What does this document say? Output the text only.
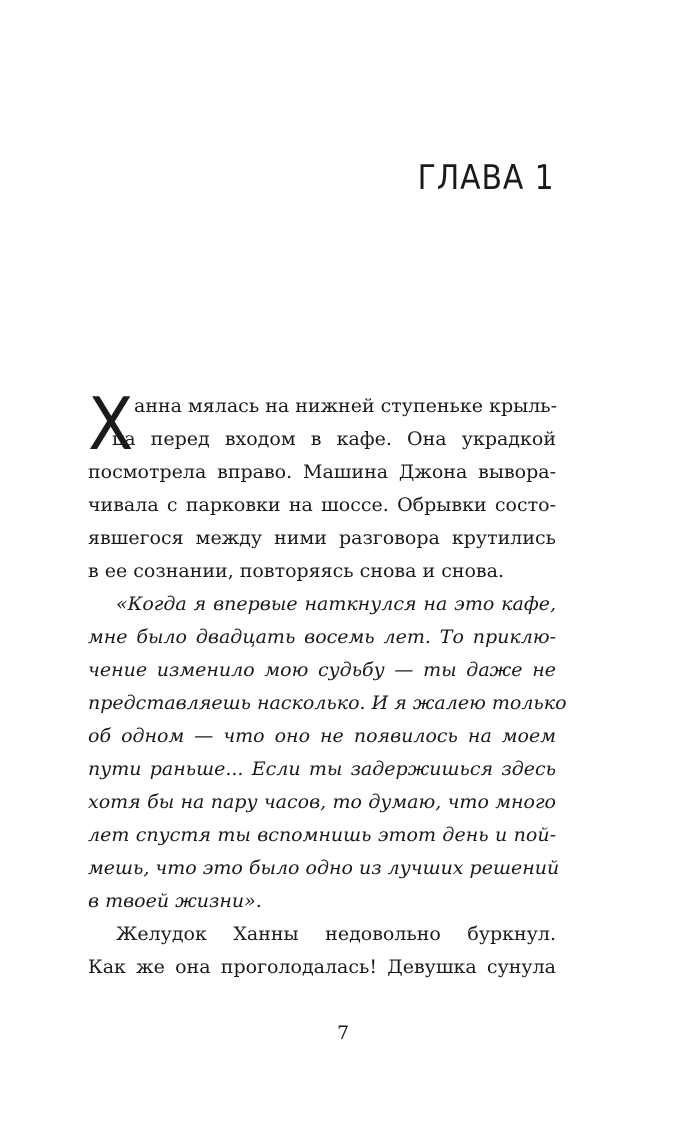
ГЛАВА 1
Х анна мялась на нижней ступеньке крыль-
ца перед входом в кафе. Она украдкой
посмотрела вправо. Машина Джона вывора-
чивала с парковки на шоссе. Обрывки состо-
явшегося между ними разговора крутились
в ее сознании, повторяясь снова и снова.
«Когда я впервые наткнулся на это кафе,
мне было двадцать восемь лет. То приклю-
чение изменило мою судьбу — ты даже не
представляешь насколько. И я жалею только
об одном — что оно не появилось на моем
пути раньше... Если ты задержишься здесь
хотя бы на пару часов, то думаю, что много
лет спустя ты вспомнишь этот день и пой-
мешь, что это было одно из лучших решений
в твоей жизни».
Желудок Ханны недовольно буркнул.
Как же она проголодалась! Девушка сунула
7
